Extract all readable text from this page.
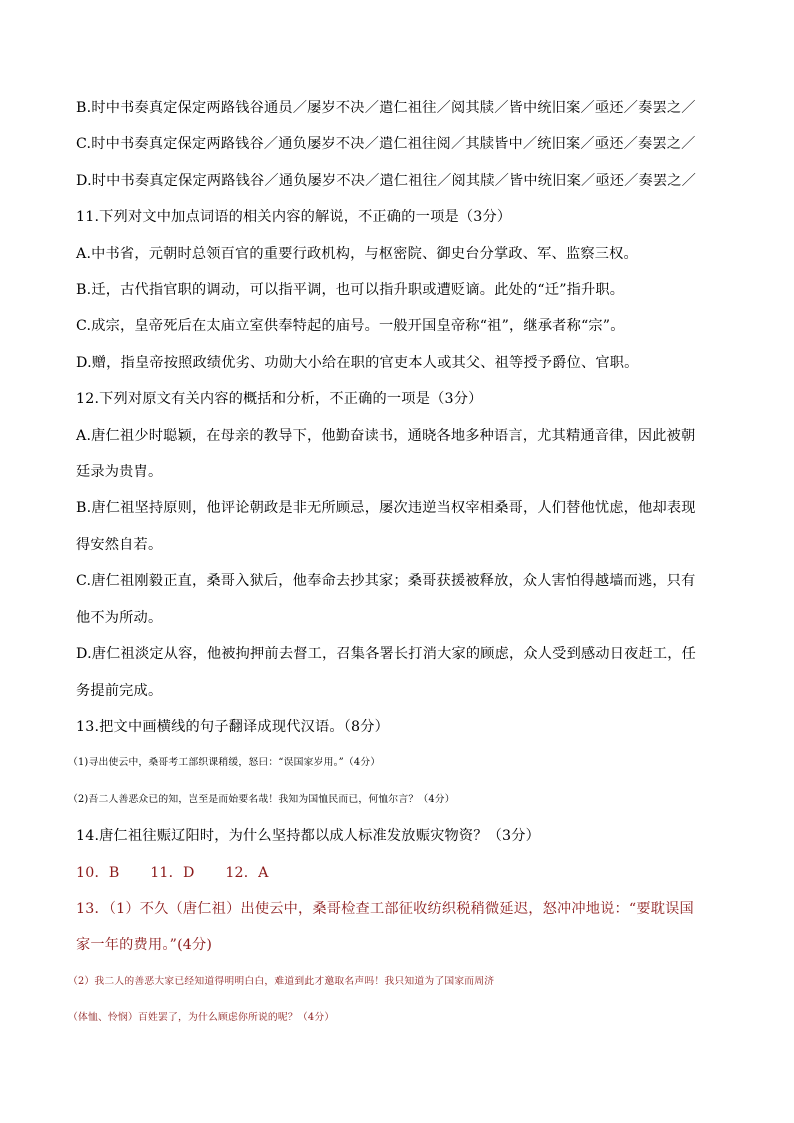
B.时中书奏真定保定两路钱谷通员／屡岁不决／遣仁祖往／阅其牍／皆中统旧案／亟还／奏罢之／

C.时中书奏真定保定两路钱谷／通负屡岁不决／遣仁祖往阅／其牍皆中／统旧案／亟还／奏罢之／

D.时中书奏真定保定两路钱谷／通负屡岁不决／遣仁祖往／阅其牍／皆中统旧案／亟还／奏罢之／

11.下列对文中加点词语的相关内容的解说，不正确的一项是（3分）

A.中书省，元朝时总领百官的重要行政机构，与枢密院、御史台分掌政、军、监察三权。

B.迁，古代指官职的调动，可以指平调，也可以指升职或遭贬谪。此处的“迁”指升职。

C.成宗，皇帝死后在太庙立室供奉特起的庙号。一般开国皇帝称“祖”，继承者称“宗”。

D.赠，指皇帝按照政绩优劣、功勋大小给在职的官吏本人或其父、祖等授予爵位、官职。

12.下列对原文有关内容的概括和分析，不正确的一项是（3分）

A.唐仁祖少时聪颖，在母亲的教导下，他勤奋读书，通晓各地多种语言，尤其精通音律，因此被朝

廷录为贵胄。

B.唐仁祖坚持原则，他评论朝政是非无所顾忌，屡次违逆当权宰相桑哥，人们替他忧虑，他却表现

得安然自若。

C.唐仁祖刚毅正直，桑哥入狱后，他奉命去抄其家；桑哥获援被释放，众人害怕得越墙而逃，只有

他不为所动。

D.唐仁祖淡定从容，他被拘押前去督工，召集各署长打消大家的顾虑，众人受到感动日夜赶工，任

务提前完成。

13.把文中画横线的句子翻译成现代汉语。（8分）

（1)寻出使云中，桑哥考工部织课稍缓，怒曰：“误国家岁用。”（4分）

（2)吾二人善恶众已的知，岂至是而始要名哉！我知为国恤民而已，何恤尔言？（4分）

14.唐仁祖往赈辽阳时，为什么坚持都以成人标准发放赈灾物资？（3分）

10．B 11．D 12．A

13．（1）不久（唐仁祖）出使云中，桑哥检查工部征收纺织税稍微延迟，怒冲冲地说：“要耽误国

家一年的费用。”(4分)

（2）我二人的善恶大家已经知道得明明白白，难道到此才邀取名声吗！我只知道为了国家而周济

（体恤、怜悯）百姓罢了，为什么顾虑你所说的呢？（4分）
